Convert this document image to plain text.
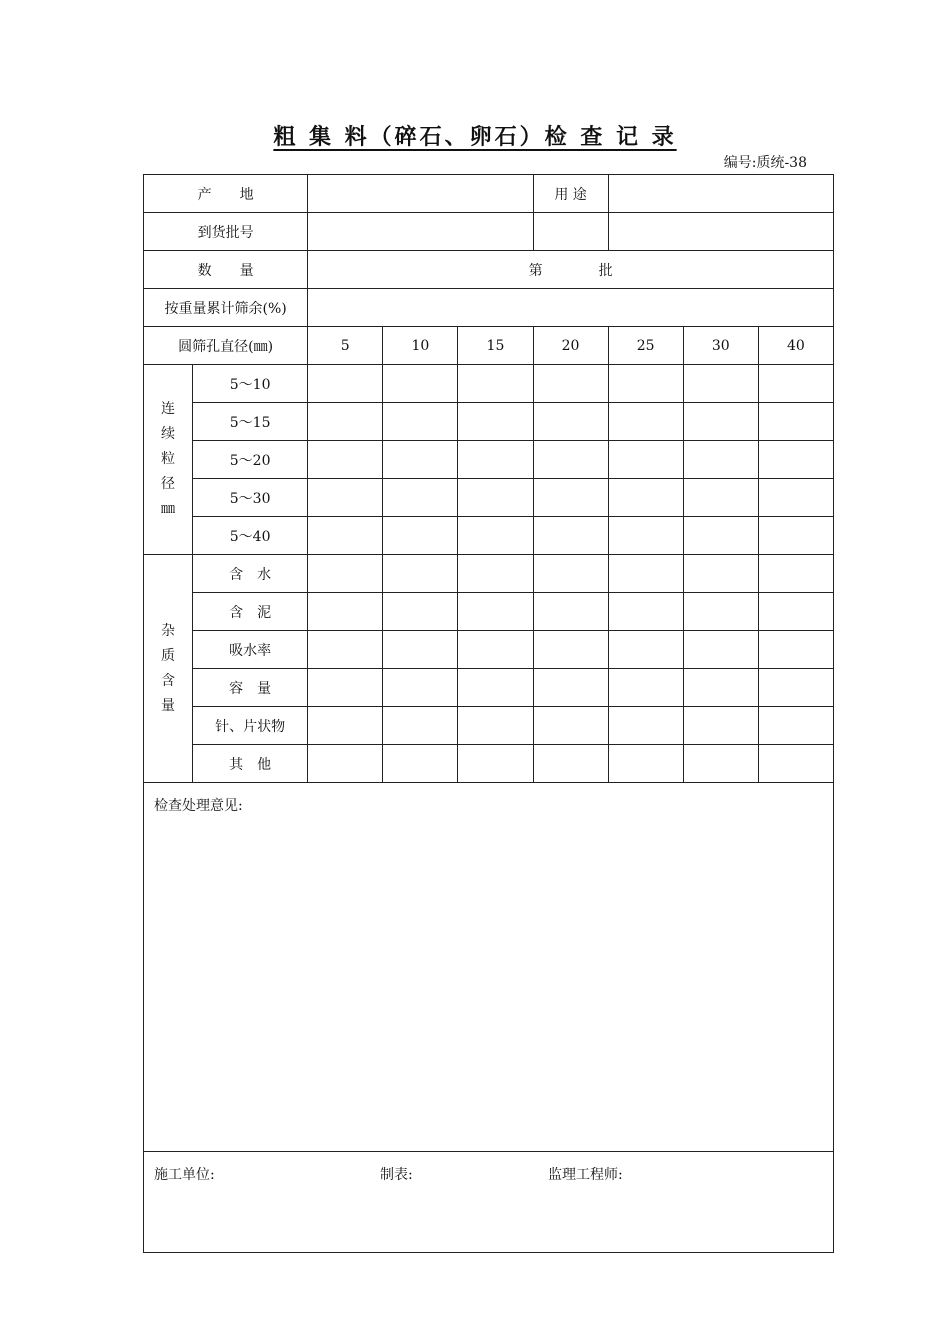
粗 集 料（碎石、卵石）检 查 记 录
编号:质统-38
产　　地					用 途			
到货批号								
数　　量		第　　　　批						
按重量累计筛余(%)								
圆筛孔直径(㎜)		5	10	15	20	25	30	40

连
续
粒
径
㎜	5～10							
	5～15							
	5～20							
	5～30							
	5～40							

杂
质
含
量	含　水							
	含　泥							
	吸水率							
	容　量							
	针、片状物							
	其　他							
检查处理意见:								

施工单位: 制表: 监理工程师:								
